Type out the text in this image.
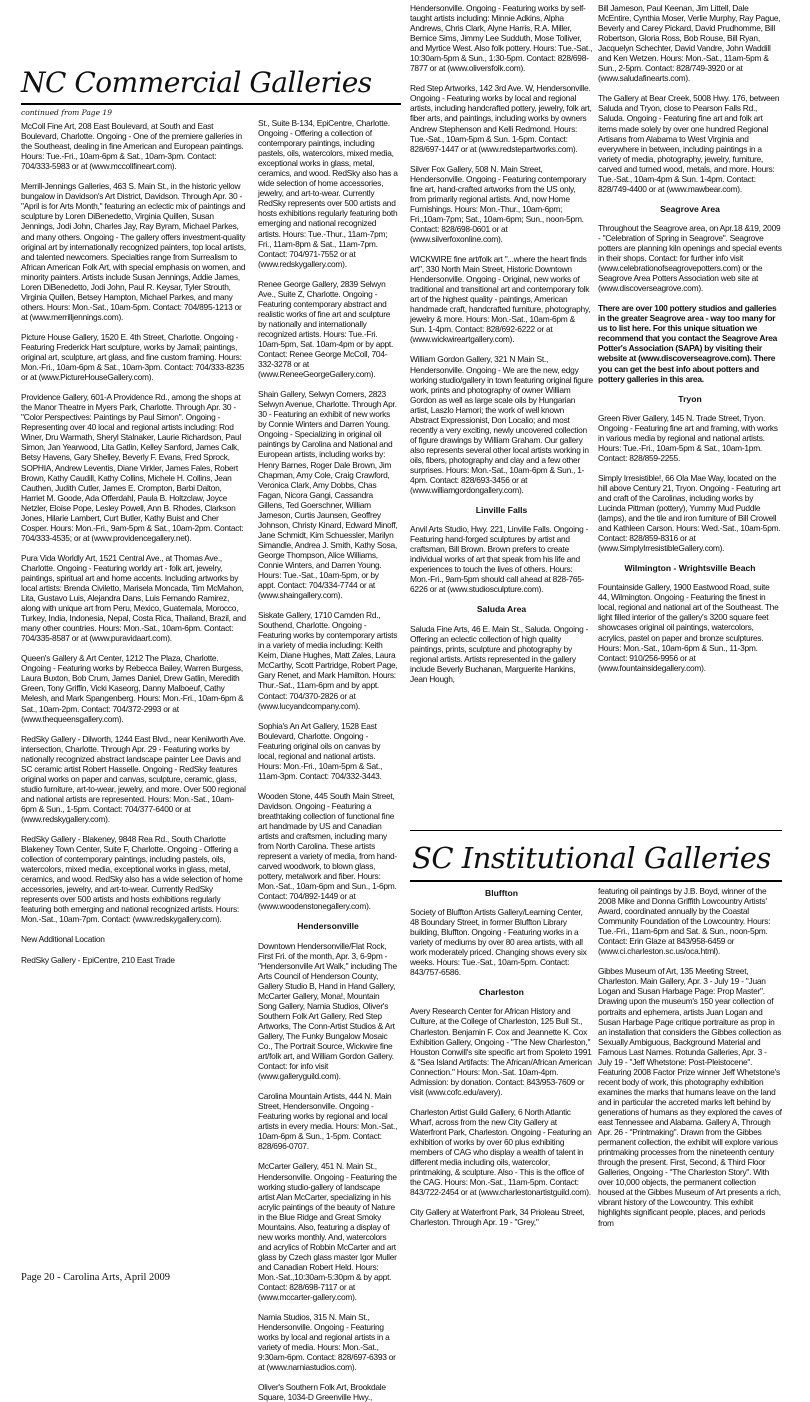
NC Commercial Galleries
continued from Page 19

McColl Fine Art, 208 East Boulevard, at South and East Boulevard, Charlotte. Ongoing - One of the premiere galleries in the Southeast, dealing in fine American and European paintings. Hours: Tue.-Fri., 10am-6pm & Sat., 10am-3pm. Contact: 704/333-5983 or at (www.mccollfineart.com).

Merrill-Jennings Galleries, 463 S. Main St., in the historic yellow bungalow in Davidson's Art District, Davidson. Through Apr. 30 - "April is for Arts Month," featuring an eclectic mix of paintings and sculpture by Loren DiBenedetto, Virginia Quillen, Susan Jennings, Jodi John, Charles Jay, Ray Byram, Michael Parkes, and many others. Ongoing - The gallery offers investment-quality original art by internationally recognized painters, top local artists, and talented newcomers. Specialties range from Surrealism to African American Folk Art, with special emphasis on women, and minority painters. Artists include Susan Jennings, Addie James, Loren DiBenedetto, Jodi John, Paul R. Keysar, Tyler Strouth, Virginia Quillen, Betsey Hampton, Michael Parkes, and many others. Hours: Mon.-Sat., 10am-5pm. Contact: 704/895-1213 or at (www.merrilljennings.com).

Picture House Gallery, 1520 E. 4th Street, Charlotte. Ongoing - Featuring Frederick Hart sculpture, works by Jamali; paintings, original art, sculpture, art glass, and fine custom framing. Hours: Mon.-Fri., 10am-6pm & Sat., 10am-3pm. Contact: 704/333-8235 or at (www.PictureHouseGallery.com).

Providence Gallery, 601-A Providence Rd., among the shops at the Manor Theatre in Myers Park, Charlotte. Through Apr. 30 - "Color Perspectives: Paintings by Paul Simon". Ongoing - Representing over 40 local and regional artists including: Rod Winer, Dru Warmath, Sheryl Stalnaker, Laurie Richardson, Paul Simon, Jan Yearwood, Lita Gatlin, Kelley Sanford, James Calk, Betsy Havens, Gary Shelley, Beverly F. Evans, Fred Sprock, SOPHIA, Andrew Leventis, Diane Virkler, James Fales, Robert Brown, Kathy Caudill, Kathy Collins, Michele H. Collins, Jean Cauthen, Judith Cutler, James E. Crompton, Barbi Dalton, Harriet M. Goode, Ada Offerdahl, Paula B. Holtzclaw, Joyce Netzler, Eloise Pope, Lesley Powell, Ann B. Rhodes, Clarkson Jones, Hilarie Lambert, Curt Butler, Kathy Buist and Cher Cosper. Hours: Mon.-Fri., 9am-5pm & Sat., 10am-2pm. Contact: 704/333-4535; or at (www.providencegallery.net).

Pura Vida Worldly Art, 1521 Central Ave., at Thomas Ave., Charlotte. Ongoing - Featuring worldy art - folk art, jewelry, paintings, spiritual art and home accents. Including artworks by local artists: Brenda Civiletto, Marisela Moncada, Tim McMahon, Lita, Gustavo Luis, Alejandra Dans, Luis Fernando Ramirez, along with unique art from Peru, Mexico, Guatemala, Morocco, Turkey, India, Indonesia, Nepal, Costa Rica, Thailand, Brazil, and many other countries. Hours: Mon.-Sat., 10am-6pm. Contact: 704/335-8587 or at (www.puravidaart.com).

Queen's Gallery & Art Center, 1212 The Plaza, Charlotte. Ongoing - Featuring works by Rebecca Bailey, Warren Burgess, Laura Buxton, Bob Crum, James Daniel, Drew Gatlin, Meredith Green, Tony Griffin, Vicki Kaseorg, Danny Malboeuf, Cathy Melesh, and Mark Spangenberg. Hours: Mon.-Fri., 10am-6pm & Sat., 10am-2pm. Contact: 704/372-2993 or at (www.thequeensgallery.com).

RedSky Gallery - Dilworth, 1244 East Blvd., near Kenilworth Ave. intersection, Charlotte. Through Apr. 29 - Featuring works by nationally recognized abstract landscape painter Lee Davis and SC ceramic artist Robert Hasselle. Ongoing - RedSky features original works on paper and canvas, sculpture, ceramic, glass, studio furniture, art-to-wear, jewelry, and more. Over 500 regional and national artists are represented. Hours: Mon.-Sat., 10am-6pm & Sun., 1-5pm. Contact: 704/377-6400 or at (www.redskygallery.com).

RedSky Gallery - Blakeney, 9848 Rea Rd., South Charlotte Blakeney Town Center, Suite F, Charlotte. Ongoing - Offering a collection of contemporary paintings, including pastels, oils, watercolors, mixed media, exceptional works in glass, metal, ceramics, and wood. RedSky also has a wide selection of home accessories, jewelry, and art-to-wear. Currently RedSky represents over 500 artists and hosts exhibitions regularly featuring both emerging and national recognized artists. Hours: Mon.-Sat., 10am-7pm. Contact: (www.redskygallery.com).

New Additional Location

RedSky Gallery - EpiCentre, 210 East Trade

St., Suite B-134, EpiCentre, Charlotte. Ongoing - Offering a collection of contemporary paintings, including pastels, oils, watercolors, mixed media, exceptional works in glass, metal, ceramics, and wood. RedSky also has a wide selection of home accessories, jewelry, and art-to-wear. Currently RedSky represents over 500 artists and hosts exhibitions regularly featuring both emerging and national recognized artists. Hours: Tue.-Thur., 11am-7pm; Fri., 11am-8pm & Sat., 11am-7pm. Contact: 704/971-7552 or at (www.redskygallery.com).

Renee George Gallery, 2839 Selwyn Ave., Suite Z, Charlotte. Ongoing - Featuring contemporary abstract and realistic works of fine art and sculpture by nationally and internationally recognized artists. Hours: Tue.-Fri. 10am-5pm, Sat. 10am-4pm or by appt. Contact: Renee George McColl, 704-332-3278 or at (www.ReneeGeorgeGallery.com).

Shain Gallery, Selwyn Corners, 2823 Selwyn Avenue, Charlotte. Through Apr. 30 - Featuring an exhibit of new works by Connie Winters and Darren Young. Ongoing - Specializing in original oil paintings by Carolina and National and European artists, including works by: Henry Barnes, Roger Dale Brown, Jim Chapman, Amy Cole, Craig Crawford, Veronica Clark, Amy Dobbs, Chas Fagan, Nicora Gangi, Cassandra Gillens, Ted Goerschner, William Jameson, Curtis Jaunsen, Geoffrey Johnson, Christy Kinard, Edward Minoff, Jane Schmidt, Kim Schuessler, Marilyn Simandle, Andrea J. Smith, Kathy Sosa, George Thompson, Alice Williams, Connie Winters, and Darren Young. Hours: Tue.-Sat., 10am-5pm, or by appt. Contact: 704/334-7744 or at (www.shaingallery.com).

Siskate Gallery, 1710 Camden Rd., Southend, Charlotte. Ongoing - Featuring works by contemporary artists in a variety of media including: Keith Keim, Diane Hughes, Matt Zales, Laura McCarthy, Scott Partridge, Robert Page, Gary Renet, and Mark Hamilton. Hours: Thur.-Sat., 11am-6pm and by appt. Contact: 704/370-2826 or at (www.lucyandcompany.com).

Sophia's An Art Gallery, 1528 East Boulevard, Charlotte. Ongoing - Featuring original oils on canvas by local, regional and national artists. Hours: Mon.-Fri., 10am-5pm & Sat., 11am-3pm. Contact: 704/332-3443.

Wooden Stone, 445 South Main Street, Davidson. Ongoing - Featuring a breathtaking collection of functional fine art handmade by US and Canadian artists and craftsmen, including many from North Carolina. These artists represent a variety of media, from hand-carved woodwork, to blown glass, pottery, metalwork and fiber. Hours: Mon.-Sat., 10am-6pm and Sun., 1-6pm. Contact: 704/892-1449 or at (www.woodenstonegallery.com).

Hendersonville

Downtown Hendersonville/Flat Rock, First Fri. of the month, Apr. 3, 6-9pm - "Hendersonville Art Walk," including The Arts Council of Henderson County, Gallery Studio B, Hand in Hand Gallery, McCarter Gallery, Mona!, Mountain Song Gallery, Narnia Studios, Oliver's Southern Folk Art Gallery, Red Step Artworks, The Conn-Artist Studios & Art Gallery, The Funky Bungalow Mosaic Co., The Portrait Source, Wickwire fine art/folk art, and William Gordon Gallery. Contact: for info visit (www.galleryguild.com).

Carolina Mountain Artists, 444 N. Main Street, Hendersonville. Ongoing - Featuring works by regional and local artists in every media. Hours: Mon.-Sat., 10am-6pm & Sun., 1-5pm. Contact: 828/696-0707.

McCarter Gallery, 451 N. Main St., Hendersonville. Ongoing - Featuring the working studio-gallery of landscape artist Alan McCarter, specializing in his acrylic paintings of the beauty of Nature in the Blue Ridge and Great Smoky Mountains. Also, featuring a display of new works monthly. And, watercolors and acrylics of Robbin McCarter and art glass by Czech glass master Igor Muller and Canadian Robert Held. Hours: Mon.-Sat.,10:30am-5:30pm & by appt. Contact: 828/698-7117 or at (www.mccarter-gallery.com).

Narnia Studios, 315 N. Main St., Hendersonville. Ongoing - Featuring works by local and regional artists in a variety of media. Hours: Mon.-Sat., 9:30am-6pm. Contact: 828/697-6393 or at (www.narniastudios.com).

Oliver's Southern Folk Art, Brookdale Square, 1034-D Greenville Hwy.,

Hendersonville. Ongoing - Featuring works by self-taught artists including: Minnie Adkins, Alpha Andrews, Chris Clark, Alyne Harris, R.A. Miller, Bernice Sims, Jimmy Lee Sudduth, Mose Tolliver, and Myrtice West. Also folk pottery. Hours: Tue.-Sat., 10:30am-5pm & Sun., 1:30-5pm. Contact: 828/698-7877 or at (www.oliversfolk.com).

Red Step Artworks, 142 3rd Ave. W, Hendersonville. Ongoing - Featuring works by local and regional artists, including handcrafted pottery, jewelry, folk art, fiber arts, and paintings, including works by owners Andrew Stephenson and Kelli Redmond. Hours: Tue.-Sat., 10am-5pm & Sun. 1-5pm. Contact: 828/697-1447 or at (www.redstepartworks.com).

Silver Fox Gallery, 508 N. Main Street, Hendersonville. Ongoing - Featuring contemporary fine art, hand-crafted artworks from the US only, from primarily regional artists. And, now Home Furnishings. Hours: Mon.-Thur., 10am-6pm; Fri.,10am-7pm; Sat., 10am-6pm; Sun., noon-5pm. Contact: 828/698-0601 or at (www.silverfoxonline.com).

WICKWIRE fine art/folk art "...where the heart finds art", 330 North Main Street, Historic Downtown Hendersonville. Ongoing - Original, new works of traditional and transitional art and contemporary folk art of the highest quality - paintings, American handmade craft, handcrafted furniture, photography, jewelry & more. Hours: Mon.-Sat., 10am-6pm & Sun. 1-4pm. Contact: 828/692-6222 or at (www.wickwireartgallery.com).

William Gordon Gallery, 321 N Main St., Hendersonville. Ongoing - We are the new, edgy working studio/gallery in town featuring original figure work, prints and photography of owner William Gordon as well as large scale oils by Hungarian artist, Laszlo Hamori; the work of well known Abstract Expressionist, Don Localio; and most recently a very exciting, newly uncovered collection of figure drawings by William Graham. Our gallery also represents several other local artists working in oils, fibers, photography and clay and a few other surprises. Hours: Mon.-Sat., 10am-6pm & Sun., 1-4pm. Contact: 828/693-3456 or at (www.williamgordongallery.com).

Linville Falls

Anvil Arts Studio, Hwy. 221, Linville Falls. Ongoing - Featuring hand-forged sculptures by artist and craftsman, Bill Brown. Brown prefers to create individual works of art that speak from his life and experiences to touch the lives of others. Hours: Mon.-Fri., 9am-5pm should call ahead at 828-765-6226 or at (www.studiosculpture.com).

Saluda Area

Saluda Fine Arts, 46 E. Main St., Saluda. Ongoing - Offering an eclectic collection of high quality paintings, prints, sculpture and photography by regional artists. Artists represented in the gallery include Beverly Buchanan, Marguerite Hankins, Jean Hough,

Bill Jameson, Paul Keenan, Jim Littell, Dale McEntire, Cynthia Moser, Verlie Murphy, Ray Pague, Beverly and Carey Pickard, David Prudhomme, Bill Robertson, Gloria Ross, Bob Rouse, Bill Ryan, Jacquelyn Schechter, David Vandre, John Waddill and Ken Wetzen. Hours: Mon.-Sat., 11am-5pm & Sun., 2-5pm. Contact: 828/749-3920 or at (www.saludafinearts.com).

The Gallery at Bear Creek, 5008 Hwy. 176, between Saluda and Tryon, close to Pearson Falls Rd., Saluda. Ongoing - Featuring fine art and folk art items made solely by over one hundred Regional Artisans from Alabama to West Virginia and everywhere in between, including paintings in a variety of media, photography, jewelry, furniture, carved and turned wood, metals, and more. Hours: Tue.-Sat., 10am-4pm & Sun. 1-4pm. Contact: 828/749-4400 or at (www.mawbear.com).

Seagrove Area

Throughout the Seagrove area, on Apr.18 &19, 2009 - "Celebration of Spring in Seagrove". Seagrove potters are planning kiln openings and special events in their shops. Contact: for further info visit (www.celebrationofseagrovepotters.com) or the Seagrove Area Potters Association web site at (www.discoverseagrove.com).

There are over 100 pottery studios and galleries in the greater Seagrove area - way too many for us to list here. For this unique situation we recommend that you contact the Seagrove Area Potter's Association (SAPA) by visiting their website at (www.discoverseagrove.com). There you can get the best info about potters and pottery galleries in this area.

Tryon

Green River Gallery, 145 N. Trade Street, Tryon. Ongoing - Featuring fine art and framing, with works in various media by regional and national artists. Hours: Tue.-Fri., 10am-5pm & Sat., 10am-1pm. Contact: 828/859-2255.

Simply Irresistible!, 66 Ola Mae Way, located on the hill above Century 21, Tryon. Ongoing - Featuring art and craft of the Carolinas, including works by Lucinda Pittman (pottery), Yummy Mud Puddle (lamps), and the tile and iron furniture of Bill Crowell and Kathleen Carson. Hours: Wed.-Sat., 10am-5pm. Contact: 828/859-8316 or at (www.SimplyIrresistibleGallery.com).

Wilmington - Wrightsville Beach

Fountainside Gallery, 1900 Eastwood Road, suite 44, Wilmington. Ongoing - Featuring the finest in local, regional and national art of the Southeast. The light filled interior of the gallery's 3200 square feet showcases original oil paintings, watercolors, acrylics, pastel on paper and bronze sculptures. Hours: Mon.-Sat., 10am-6pm & Sun., 11-3pm. Contact: 910/256-9956 or at (www.fountainsidegallery.com).

SC Institutional Galleries
Bluffton

Society of Bluffton Artists Gallery/Learning Center, 48 Boundary Street, in former Bluffton Library building, Bluffton. Ongoing - Featuring works in a variety of mediums by over 80 area artists, with all work moderately priced. Changing shows every six weeks. Hours: Tue.-Sat., 10am-5pm. Contact: 843/757-6586.

Charleston

Avery Research Center for African History and Culture, at the College of Charleston, 125 Bull St., Charleston. Benjamin F. Cox and Jeannette K. Cox Exhibition Gallery, Ongoing - "The New Charleston," Houston Conwill's site specific art from Spoleto 1991 & "Sea Island Artifacts: The African/African American Connection." Hours: Mon.-Sat. 10am-4pm. Admission: by donation. Contact: 843/953-7609 or visit (www.cofc.edu/avery).

Charleston Artist Guild Gallery, 6 North Atlantic Wharf, across from the new City Gallery at Waterfront Park, Charleston. Ongoing - Featuring an exhibition of works by over 60 plus exhibiting members of CAG who display a wealth of talent in different media including oils, watercolor, printmaking, & sculpture. Also - This is the office of the CAG. Hours: Mon.-Sat., 11am-5pm. Contact: 843/722-2454 or at (www.charlestonartistguild.com).

City Gallery at Waterfront Park, 34 Prioleau Street, Charleston. Through Apr. 19 - "Grey,"

featuring oil paintings by J.B. Boyd, winner of the 2008 Mike and Donna Griffith Lowcountry Artists' Award, coordinated annually by the Coastal Community Foundation of the Lowcountry. Hours: Tue.-Fri., 11am-6pm and Sat. & Sun., noon-5pm. Contact: Erin Glaze at 843/958-6459 or (www.ci.charleston.sc.us/oca.html).

Gibbes Museum of Art, 135 Meeting Street, Charleston. Main Gallery, Apr. 3 - July 19 - "Juan Logan and Susan Harbage Page: Prop Master". Drawing upon the museum's 150 year collection of portraits and ephemera, artists Juan Logan and Susan Harbage Page critique portraiture as prop in an installation that considers the Gibbes collection as Sexually Ambiguous, Background Material and Famous Last Names. Rotunda Galleries, Apr. 3 - July 19 - "Jeff Whetstone: Post-Pleistocene". Featuring 2008 Factor Prize winner Jeff Whetstone's recent body of work, this photography exhibition examines the marks that humans leave on the land and in particular the accreted marks left behind by generations of humans as they explored the caves of east Tennessee and Alabama. Gallery A, Through Apr. 26 - "Printmaking". Drawn from the Gibbes permanent collection, the exhibit will explore various printmaking processes from the nineteenth century through the present. First, Second, & Third Floor Galleries, Ongoing - "The Charleston Story". With over 10,000 objects, the permanent collection housed at the Gibbes Museum of Art presents a rich, vibrant history of the Lowcountry. This exhibit highlights significant people, places, and periods from

Page 20 - Carolina Arts, April 2009
